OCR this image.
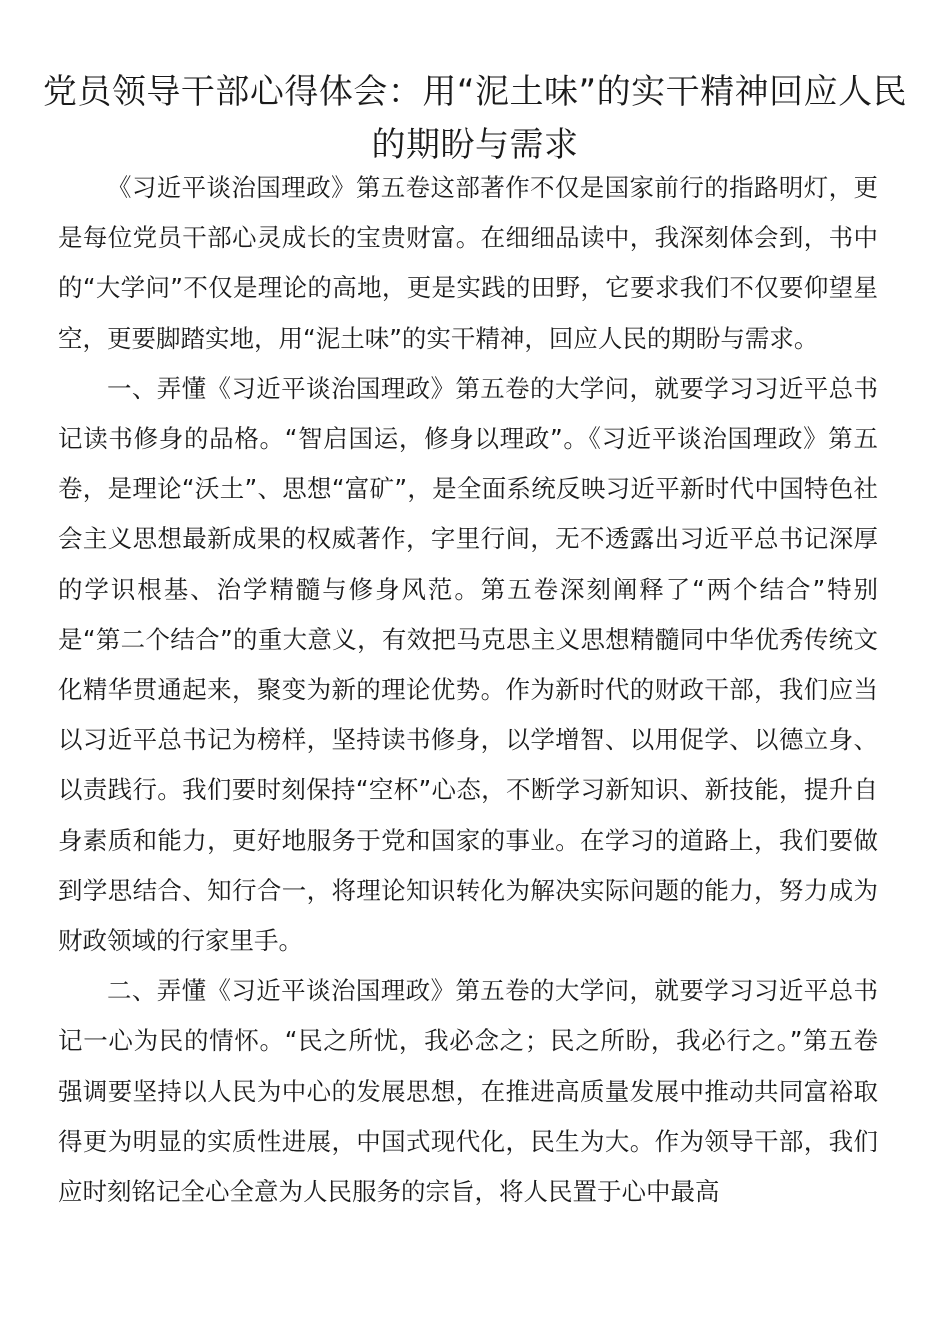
党员领导干部心得体会：用“泥土味”的实干精神回应人民的期盼与需求

《习近平谈治国理政》第五卷这部著作不仅是国家前行的指路明灯，更是每位党员干部心灵成长的宝贵财富。在细细品读中，我深刻体会到，书中的“大学问”不仅是理论的高地，更是实践的田野，它要求我们不仅要仰望星空，更要脚踏实地，用“泥土味”的实干精神，回应人民的期盼与需求。

一、弄懂《习近平谈治国理政》第五卷的大学问，就要学习习近平总书记读书修身的品格。“智启国运，修身以理政”。《习近平谈治国理政》第五卷，是理论“沃土”、思想“富矿”，是全面系统反映习近平新时代中国特色社会主义思想最新成果的权威著作，字里行间，无不透露出习近平总书记深厚的学识根基、治学精髓与修身风范。第五卷深刻阐释了“两个结合”特别是“第二个结合”的重大意义，有效把马克思主义思想精髓同中华优秀传统文化精华贯通起来，聚变为新的理论优势。作为新时代的财政干部，我们应当以习近平总书记为榜样，坚持读书修身，以学增智、以用促学、以德立身、以责践行。我们要时刻保持“空杯”心态，不断学习新知识、新技能，提升自身素质和能力，更好地服务于党和国家的事业。在学习的道路上，我们要做到学思结合、知行合一，将理论知识转化为解决实际问题的能力，努力成为财政领域的行家里手。

二、弄懂《习近平谈治国理政》第五卷的大学问，就要学习习近平总书记一心为民的情怀。“民之所忧，我必念之；民之所盼，我必行之。”第五卷强调要坚持以人民为中心的发展思想，在推进高质量发展中推动共同富裕取得更为明显的实质性进展，中国式现代化，民生为大。作为领导干部，我们应时刻铭记全心全意为人民服务的宗旨，将人民置于心中最高
